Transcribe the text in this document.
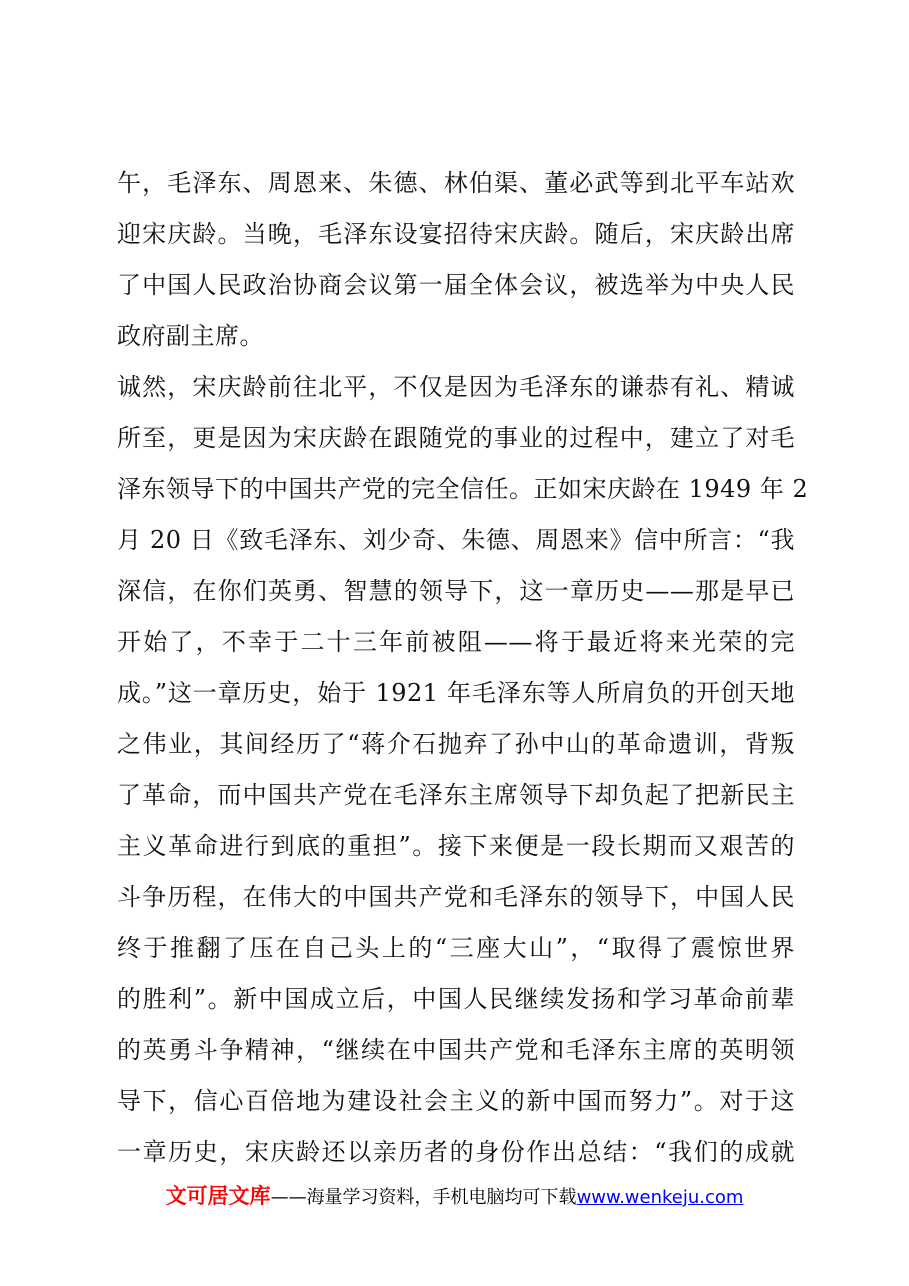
午，毛泽东、周恩来、朱德、林伯渠、董必武等到北平车站欢
迎宋庆龄。当晚，毛泽东设宴招待宋庆龄。随后，宋庆龄出席
了中国人民政治协商会议第一届全体会议，被选举为中央人民
政府副主席。
诚然，宋庆龄前往北平，不仅是因为毛泽东的谦恭有礼、精诚
所至，更是因为宋庆龄在跟随党的事业的过程中，建立了对毛
泽东领导下的中国共产党的完全信任。正如宋庆龄在 1949 年 2
月 20 日《致毛泽东、刘少奇、朱德、周恩来》信中所言：“我
深信，在你们英勇、智慧的领导下，这一章历史——那是早已
开始了，不幸于二十三年前被阻——将于最近将来光荣的完
成。”这一章历史，始于 1921 年毛泽东等人所肩负的开创天地
之伟业，其间经历了“蒋介石抛弃了孙中山的革命遗训，背叛
了革命，而中国共产党在毛泽东主席领导下却负起了把新民主
主义革命进行到底的重担”。接下来便是一段长期而又艰苦的
斗争历程，在伟大的中国共产党和毛泽东的领导下，中国人民
终于推翻了压在自己头上的“三座大山”，“取得了震惊世界
的胜利”。新中国成立后，中国人民继续发扬和学习革命前辈
的英勇斗争精神，“继续在中国共产党和毛泽东主席的英明领
导下，信心百倍地为建设社会主义的新中国而努力”。对于这
一章历史，宋庆龄还以亲历者的身份作出总结：“我们的成就
文可居文库——海量学习资料，手机电脑均可下载www.wenkeju.com
